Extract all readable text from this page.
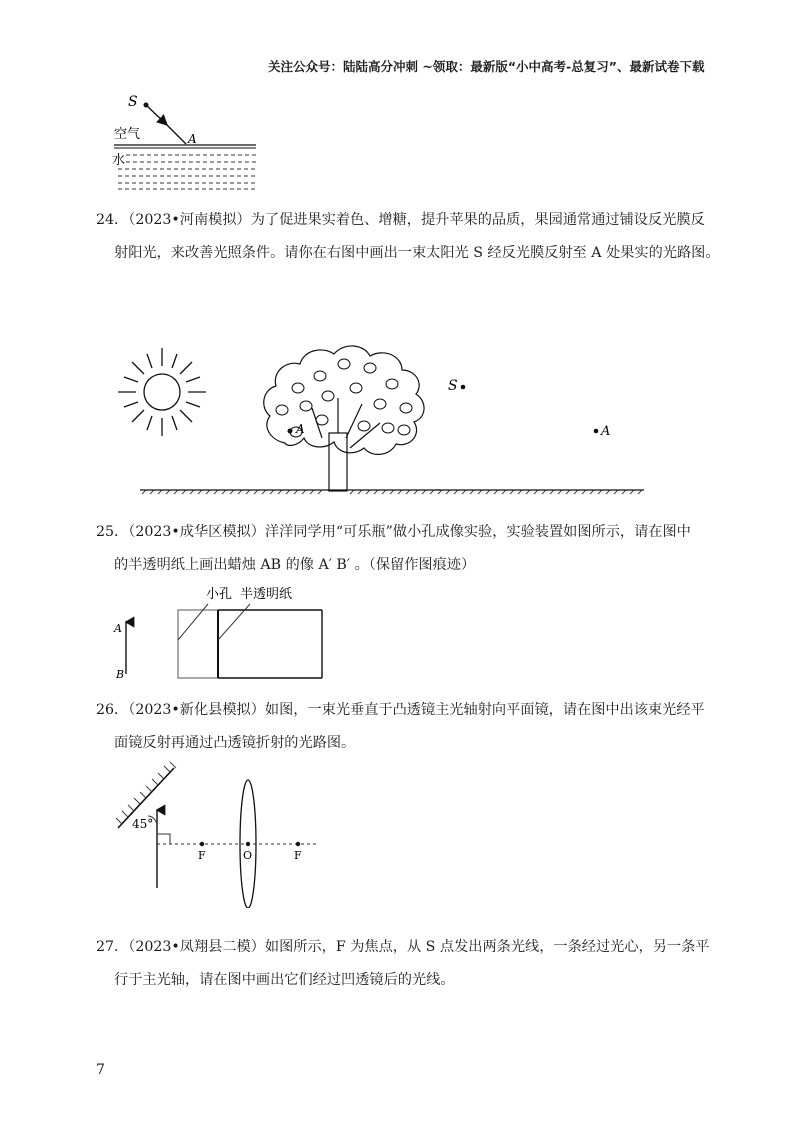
关注公众号：陆陆高分冲刺 ~领取：最新版“小中高考-总复习”、最新试卷下载
S
A
空气
水
24．（2023•河南模拟）为了促进果实着色、增糖，提升苹果的品质，果园通常通过铺设反光膜反
射阳光，来改善光照条件。请你在右图中画出一束太阳光 S 经反光膜反射至 A 处果实的光路图。
A
S
A
25．（2023•成华区模拟）洋洋同学用“可乐瓶”做小孔成像实验，实验装置如图所示，请在图中
的半透明纸上画出蜡烛 AB 的像 A′ B′ 。（保留作图痕迹）
小孔 半透明纸
A
B
26．（2023•新化县模拟）如图，一束光垂直于凸透镜主光轴射向平面镜，请在图中出该束光经平
面镜反射再通过凸透镜折射的光路图。
45°
F	O	F
27．（2023•凤翔县二模）如图所示，F 为焦点，从 S 点发出两条光线，一条经过光心，另一条平
行于主光轴，请在图中画出它们经过凹透镜后的光线。
7
